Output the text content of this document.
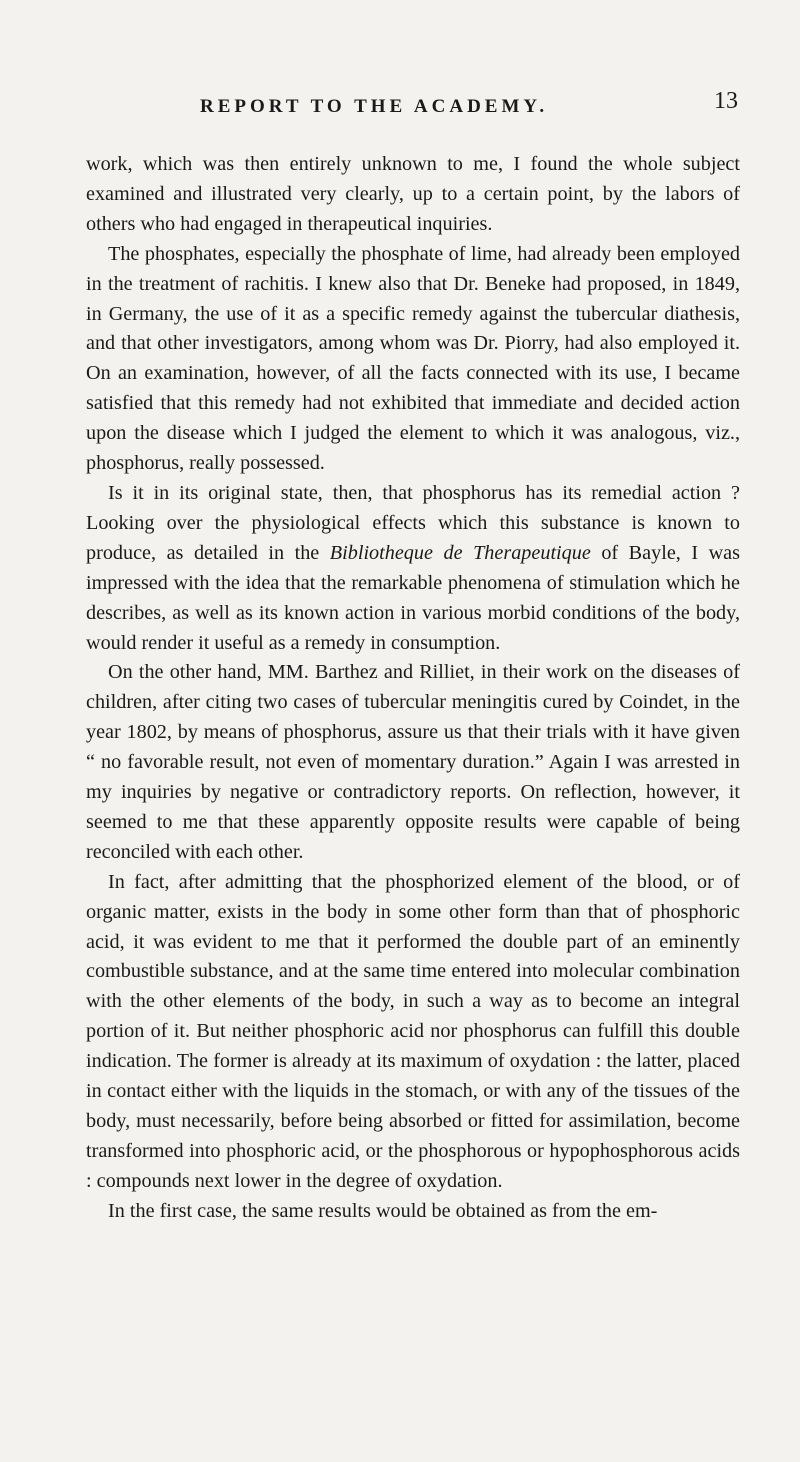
REPORT TO THE ACADEMY.	13

work, which was then entirely unknown to me, I found the whole subject examined and illustrated very clearly, up to a certain point, by the labors of others who had engaged in therapeutical inquiries.

The phosphates, especially the phosphate of lime, had already been employed in the treatment of rachitis. I knew also that Dr. Beneke had proposed, in 1849, in Germany, the use of it as a specific remedy against the tubercular diathesis, and that other investigators, among whom was Dr. Piorry, had also employed it. On an examination, however, of all the facts connected with its use, I became satisfied that this remedy had not exhibited that immediate and decided action upon the disease which I judged the element to which it was analogous, viz., phosphorus, really possessed.

Is it in its original state, then, that phosphorus has its remedial action ? Looking over the physiological effects which this substance is known to produce, as detailed in the Bibliotheque de Therapeutique of Bayle, I was impressed with the idea that the remarkable phenomena of stimulation which he describes, as well as its known action in various morbid conditions of the body, would render it useful as a remedy in consumption.

On the other hand, MM. Barthez and Rilliet, in their work on the diseases of children, after citing two cases of tubercular meningitis cured by Coindet, in the year 1802, by means of phosphorus, assure us that their trials with it have given “ no favorable result, not even of momentary duration.” Again I was arrested in my inquiries by negative or contradictory reports. On reflection, however, it seemed to me that these apparently opposite results were capable of being reconciled with each other.

In fact, after admitting that the phosphorized element of the blood, or of organic matter, exists in the body in some other form than that of phosphoric acid, it was evident to me that it performed the double part of an eminently combustible substance, and at the same time entered into molecular combination with the other elements of the body, in such a way as to become an integral portion of it. But neither phosphoric acid nor phosphorus can fulfill this double indication. The former is already at its maximum of oxydation : the latter, placed in contact either with the liquids in the stomach, or with any of the tissues of the body, must necessarily, before being absorbed or fitted for assimilation, become transformed into phosphoric acid, or the phosphorous or hypophosphorous acids : compounds next lower in the degree of oxydation.

In the first case, the same results would be obtained as from the em-
